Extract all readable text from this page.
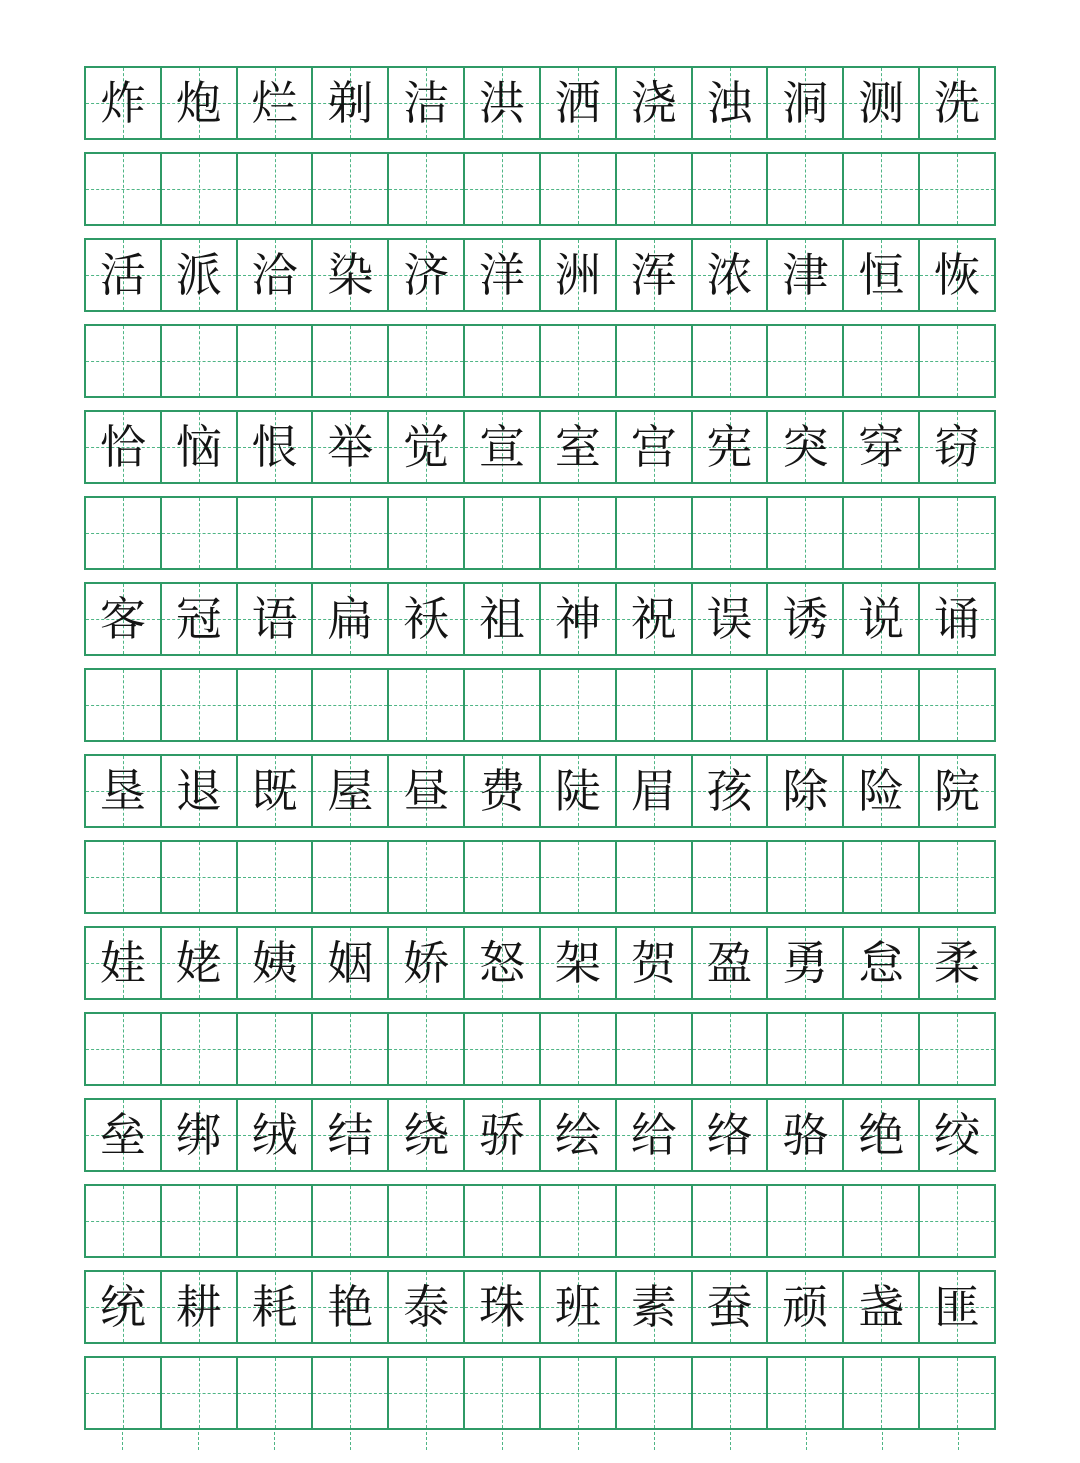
炸 炮 烂 剃 洁 洪 洒 浇 浊 洞 测 洗
活 派 洽 染 济 洋 洲 浑 浓 津 恒 恢
恰 恼 恨 举 觉 宣 室 宫 宪 突 穿 窃
客 冠 语 扁 袄 祖 神 祝 误 诱 说 诵
垦 退 既 屋 昼 费 陡 眉 孩 除 险 院
娃 姥 姨 姻 娇 怒 架 贺 盈 勇 怠 柔
垒 绑 绒 结 绕 骄 绘 给 络 骆 绝 绞
统 耕 耗 艳 泰 珠 班 素 蚕 顽 盏 匪
